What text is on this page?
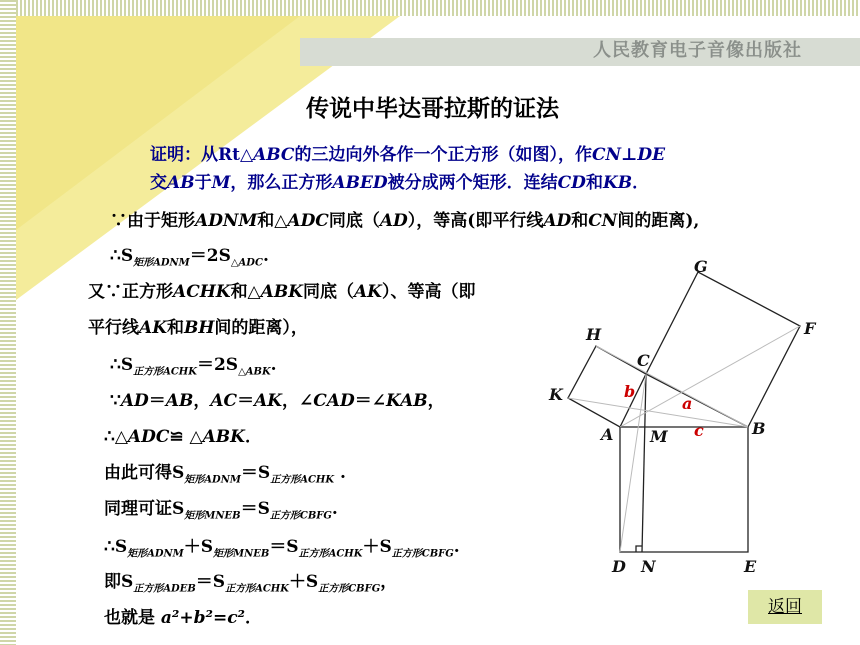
人民教育电子音像出版社
传说中毕达哥拉斯的证法
证明：从Rt△ABC的三边向外各作一个正方形（如图），作CN⊥DE
交AB于M，那么正方形ABED被分成两个矩形．连结CD和KB．
∵由于矩形ADNM和△ADC同底（AD），等高(即平行线AD和CN间的距离),
$\therefore S_{矩形ADNM}=2S_{\triangle ADC}$.
又∵正方形ACHK和△ABK同底（AK）、等高（即
平行线AK和BH间的距离），
$\therefore S_{正方形ACHK}=2S_{\triangle ABK}$.
∵AD＝AB，AC＝AK，∠CAD＝∠KAB，
∴△ADC≌ △ABK．
由此可得$S_{矩形ADNM}=S_{正方形ACHK}$ .
同理可证$S_{矩形MNEB}=S_{正方形CBFG}$.
$\therefore S_{矩形ADNM}+S_{矩形MNEB}=S_{正方形ACHK}+S_{正方形CBFG}$.
即$S_{正方形ADEB}=S_{正方形ACHK}+S_{正方形CBFG}$，
也就是 a²+b²=c²．
G
F
H
C
K
A M	B
D N	E
b
a
c
返回
